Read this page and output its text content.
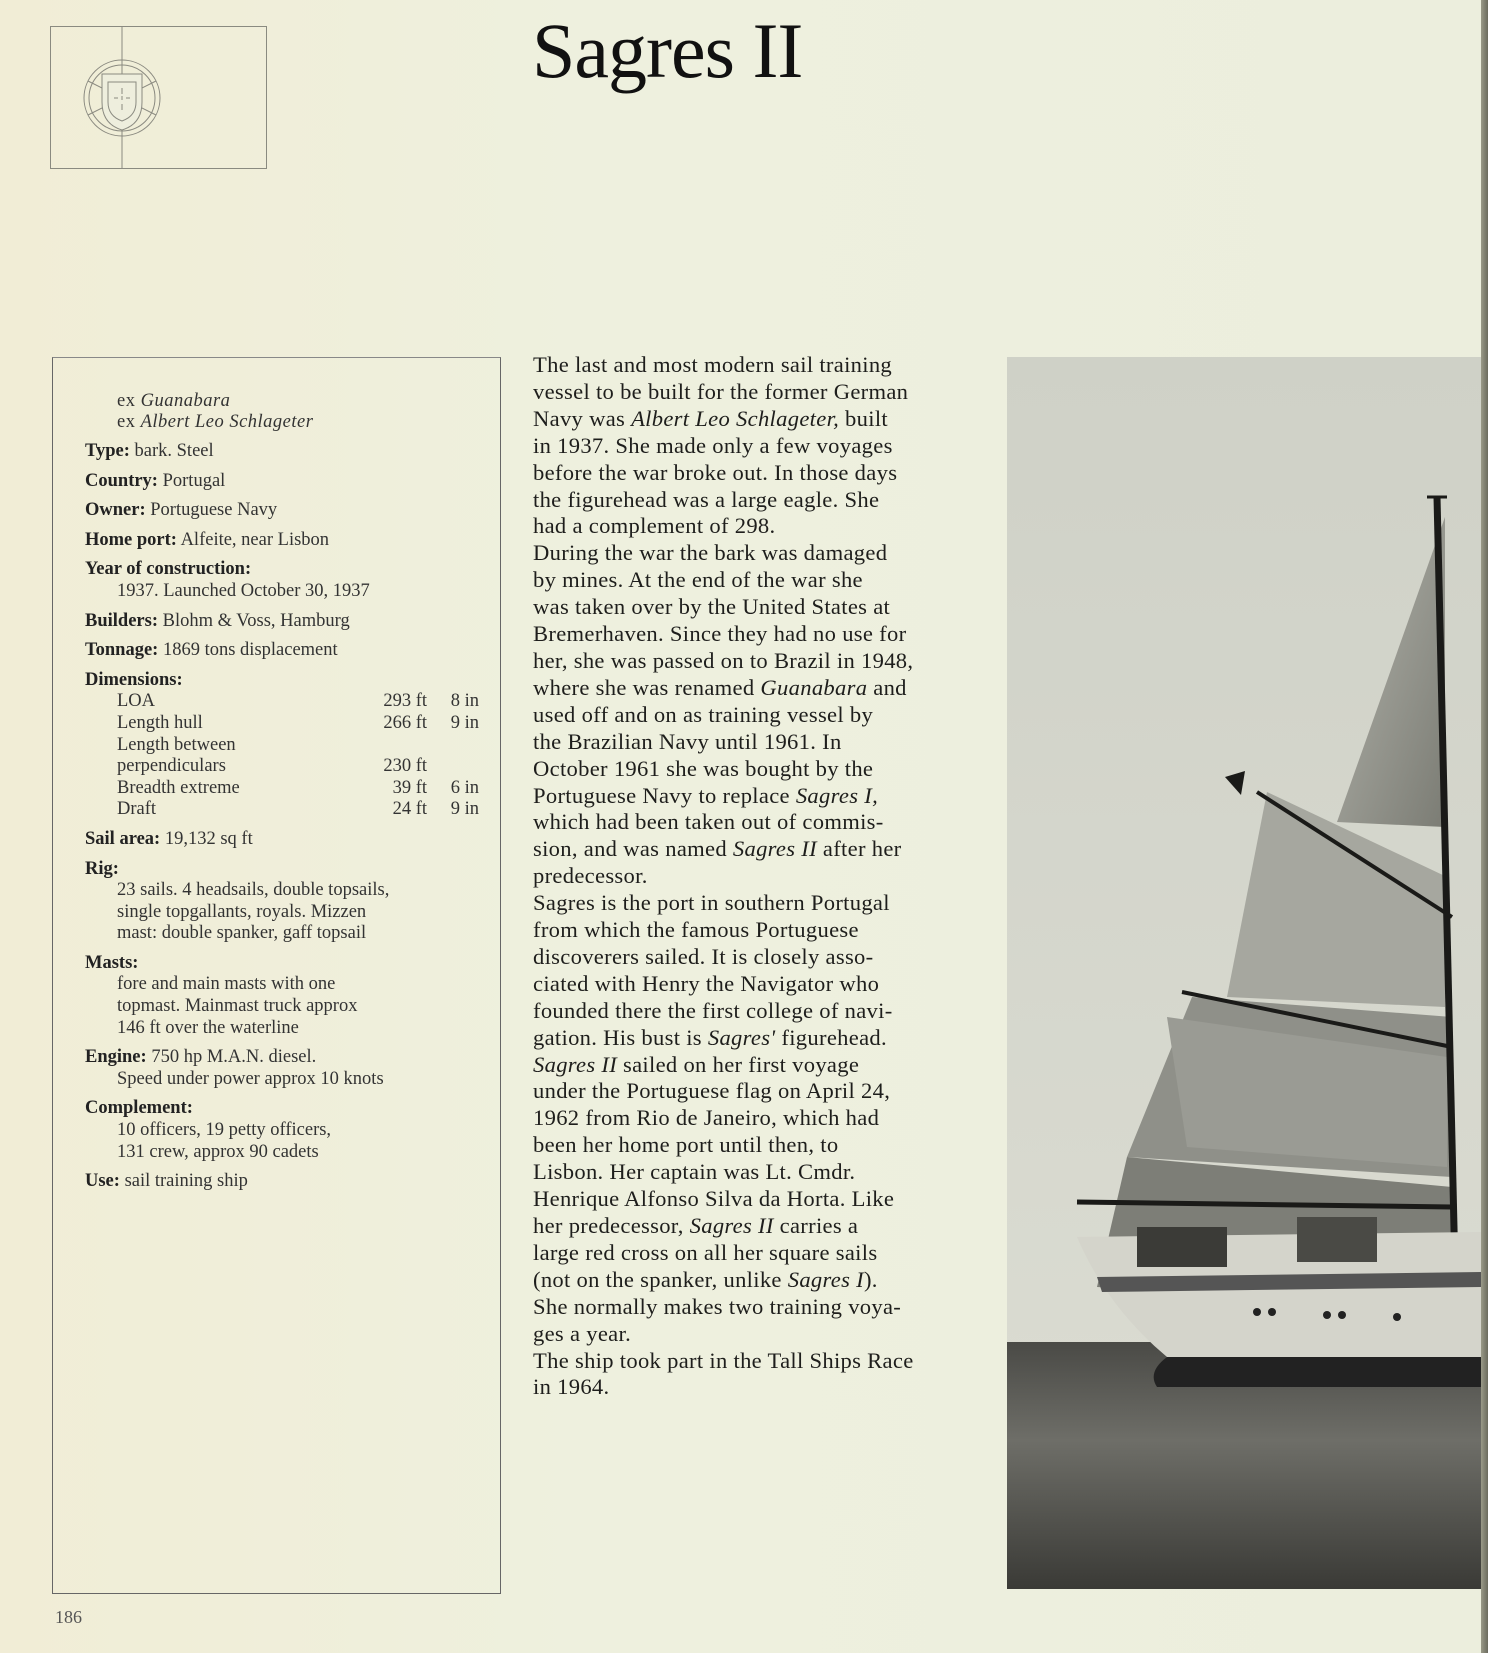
Sagres II
ex Guanabara
ex Albert Leo Schlageter
Type: bark. Steel
Country: Portugal
Owner: Portuguese Navy
Home port: Alfeite, near Lisbon
Year of construction:
1937. Launched October 30, 1937
Builders: Blohm & Voss, Hamburg
Tonnage: 1869 tons displacement
Dimensions:
LOA	293 ft	8 in
Length hull	266 ft	9 in
Length between
perpendiculars	230 ft
Breadth extreme	39 ft	6 in
Draft	24 ft	9 in
Sail area: 19,132 sq ft
Rig:
23 sails. 4 headsails, double topsails,
single topgallants, royals. Mizzen
mast: double spanker, gaff topsail
Masts:
fore and main masts with one
topmast. Mainmast truck approx
146 ft over the waterline
Engine: 750 hp M.A.N. diesel.
Speed under power approx 10 knots
Complement:
10 officers, 19 petty officers,
131 crew, approx 90 cadets
Use: sail training ship
The last and most modern sail training
vessel to be built for the former German
Navy was Albert Leo Schlageter, built
in 1937. She made only a few voyages
before the war broke out. In those days
the figurehead was a large eagle. She
had a complement of 298.
During the war the bark was damaged
by mines. At the end of the war she
was taken over by the United States at
Bremerhaven. Since they had no use for
her, she was passed on to Brazil in 1948,
where she was renamed Guanabara and
used off and on as training vessel by
the Brazilian Navy until 1961. In
October 1961 she was bought by the
Portuguese Navy to replace Sagres I,
which had been taken out of commis-
sion, and was named Sagres II after her
predecessor.
Sagres is the port in southern Portugal
from which the famous Portuguese
discoverers sailed. It is closely asso-
ciated with Henry the Navigator who
founded there the first college of navi-
gation. His bust is Sagres' figurehead.
Sagres II sailed on her first voyage
under the Portuguese flag on April 24,
1962 from Rio de Janeiro, which had
been her home port until then, to
Lisbon. Her captain was Lt. Cmdr.
Henrique Alfonso Silva da Horta. Like
her predecessor, Sagres II carries a
large red cross on all her square sails
(not on the spanker, unlike Sagres I).
She normally makes two training voya-
ges a year.
The ship took part in the Tall Ships Race
in 1964.
186
